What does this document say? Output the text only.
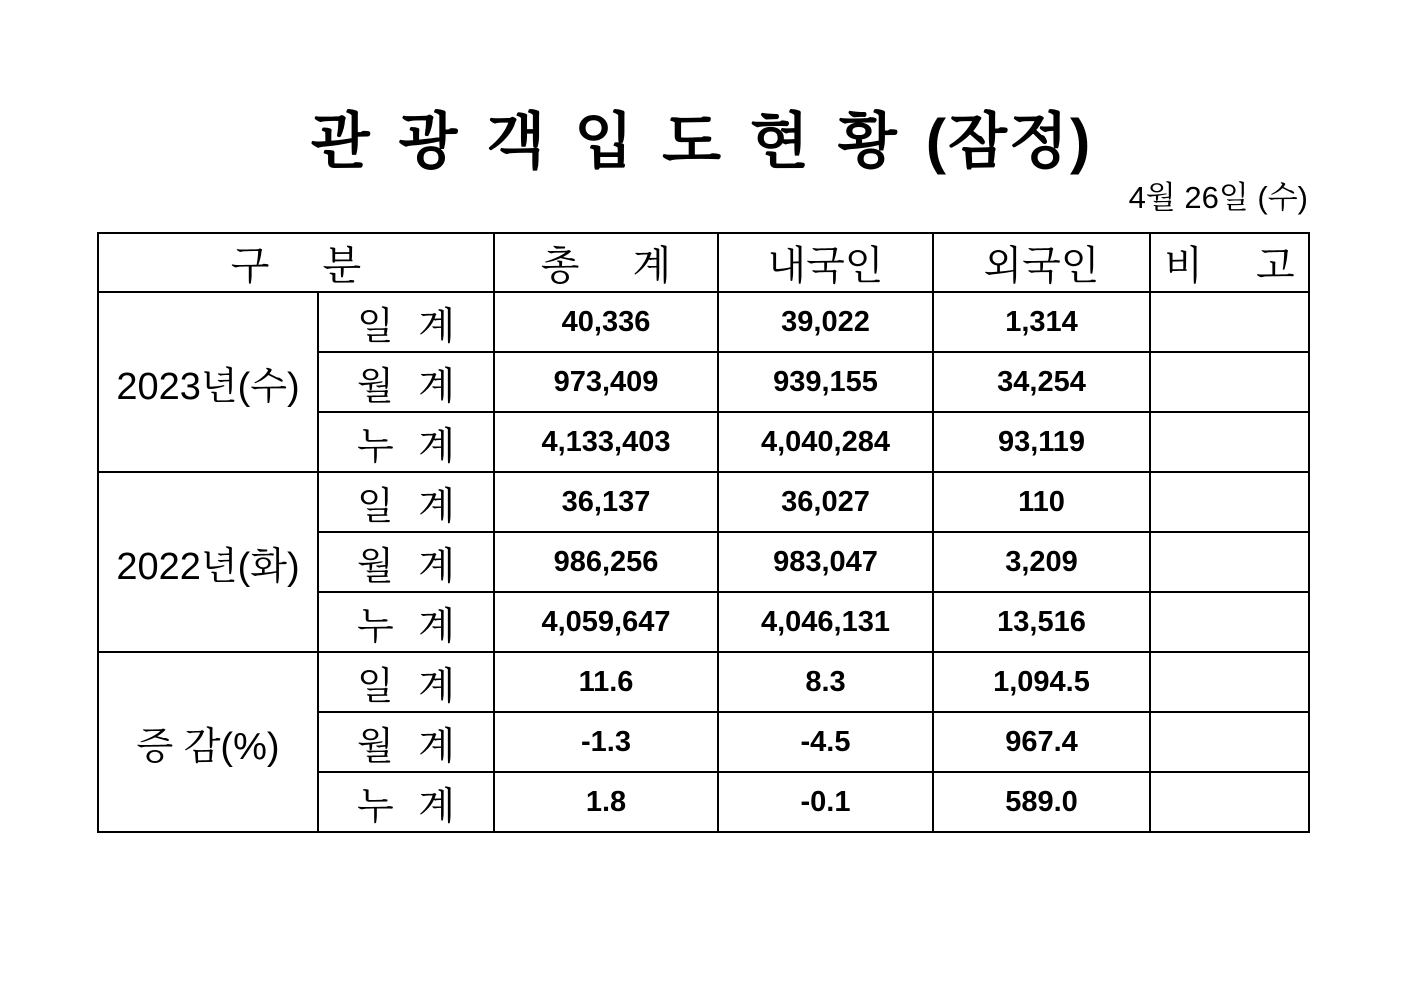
관 광 객 입 도 현 황 (잠정)
4월 26일 (수)
구 분		총 계	내국인	외국인	비 고
2023년(수)	일 계	40,336	39,022	1,314	
	월 계	973,409	939,155	34,254	
	누 계	4,133,403	4,040,284	93,119	
2022년(화)	일 계	36,137	36,027	110	
	월 계	986,256	983,047	3,209	
	누 계	4,059,647	4,046,131	13,516	
증 감(%)	일 계	11.6	8.3	1,094.5	
	월 계	-1.3	-4.5	967.4	
	누 계	1.8	-0.1	589.0	
